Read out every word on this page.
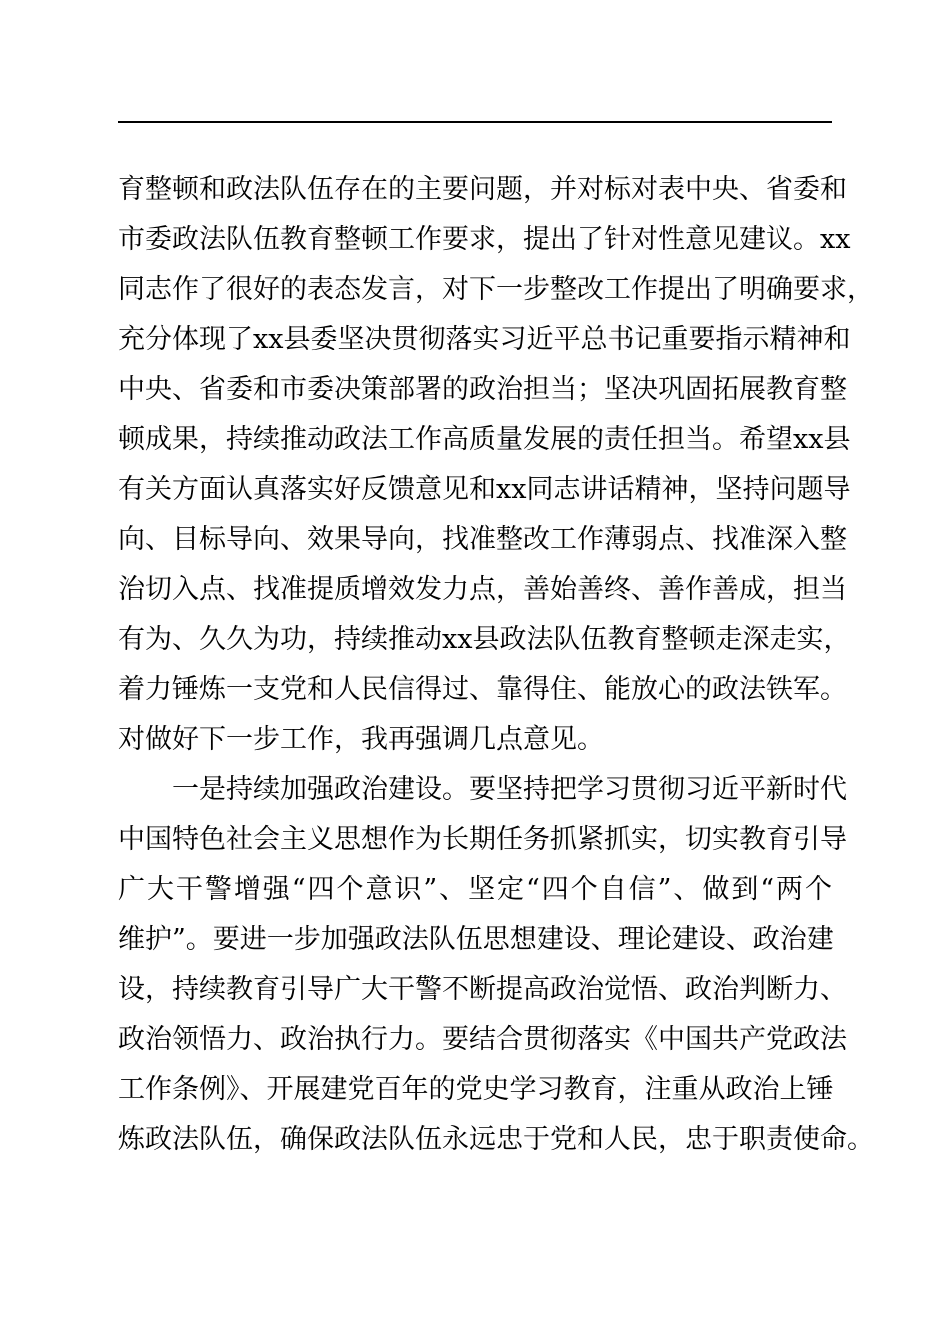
育整顿和政法队伍存在的主要问题，并对标对表中央、省委和
市委政法队伍教育整顿工作要求，提出了针对性意见建议。xx
同志作了很好的表态发言，对下一步整改工作提出了明确要求，
充分体现了xx县委坚决贯彻落实习近平总书记重要指示精神和
中央、省委和市委决策部署的政治担当；坚决巩固拓展教育整
顿成果，持续推动政法工作高质量发展的责任担当。希望xx县
有关方面认真落实好反馈意见和xx同志讲话精神，坚持问题导
向、目标导向、效果导向，找准整改工作薄弱点、找准深入整
治切入点、找准提质增效发力点，善始善终、善作善成，担当
有为、久久为功，持续推动xx县政法队伍教育整顿走深走实，
着力锤炼一支党和人民信得过、靠得住、能放心的政法铁军。
对做好下一步工作，我再强调几点意见。
一是持续加强政治建设。要坚持把学习贯彻习近平新时代
中国特色社会主义思想作为长期任务抓紧抓实，切实教育引导
广大干警增强“四个意识”、坚定“四个自信”、做到“两个
维护”。要进一步加强政法队伍思想建设、理论建设、政治建
设，持续教育引导广大干警不断提高政治觉悟、政治判断力、
政治领悟力、政治执行力。要结合贯彻落实《中国共产党政法
工作条例》、开展建党百年的党史学习教育，注重从政治上锤
炼政法队伍，确保政法队伍永远忠于党和人民，忠于职责使命。
